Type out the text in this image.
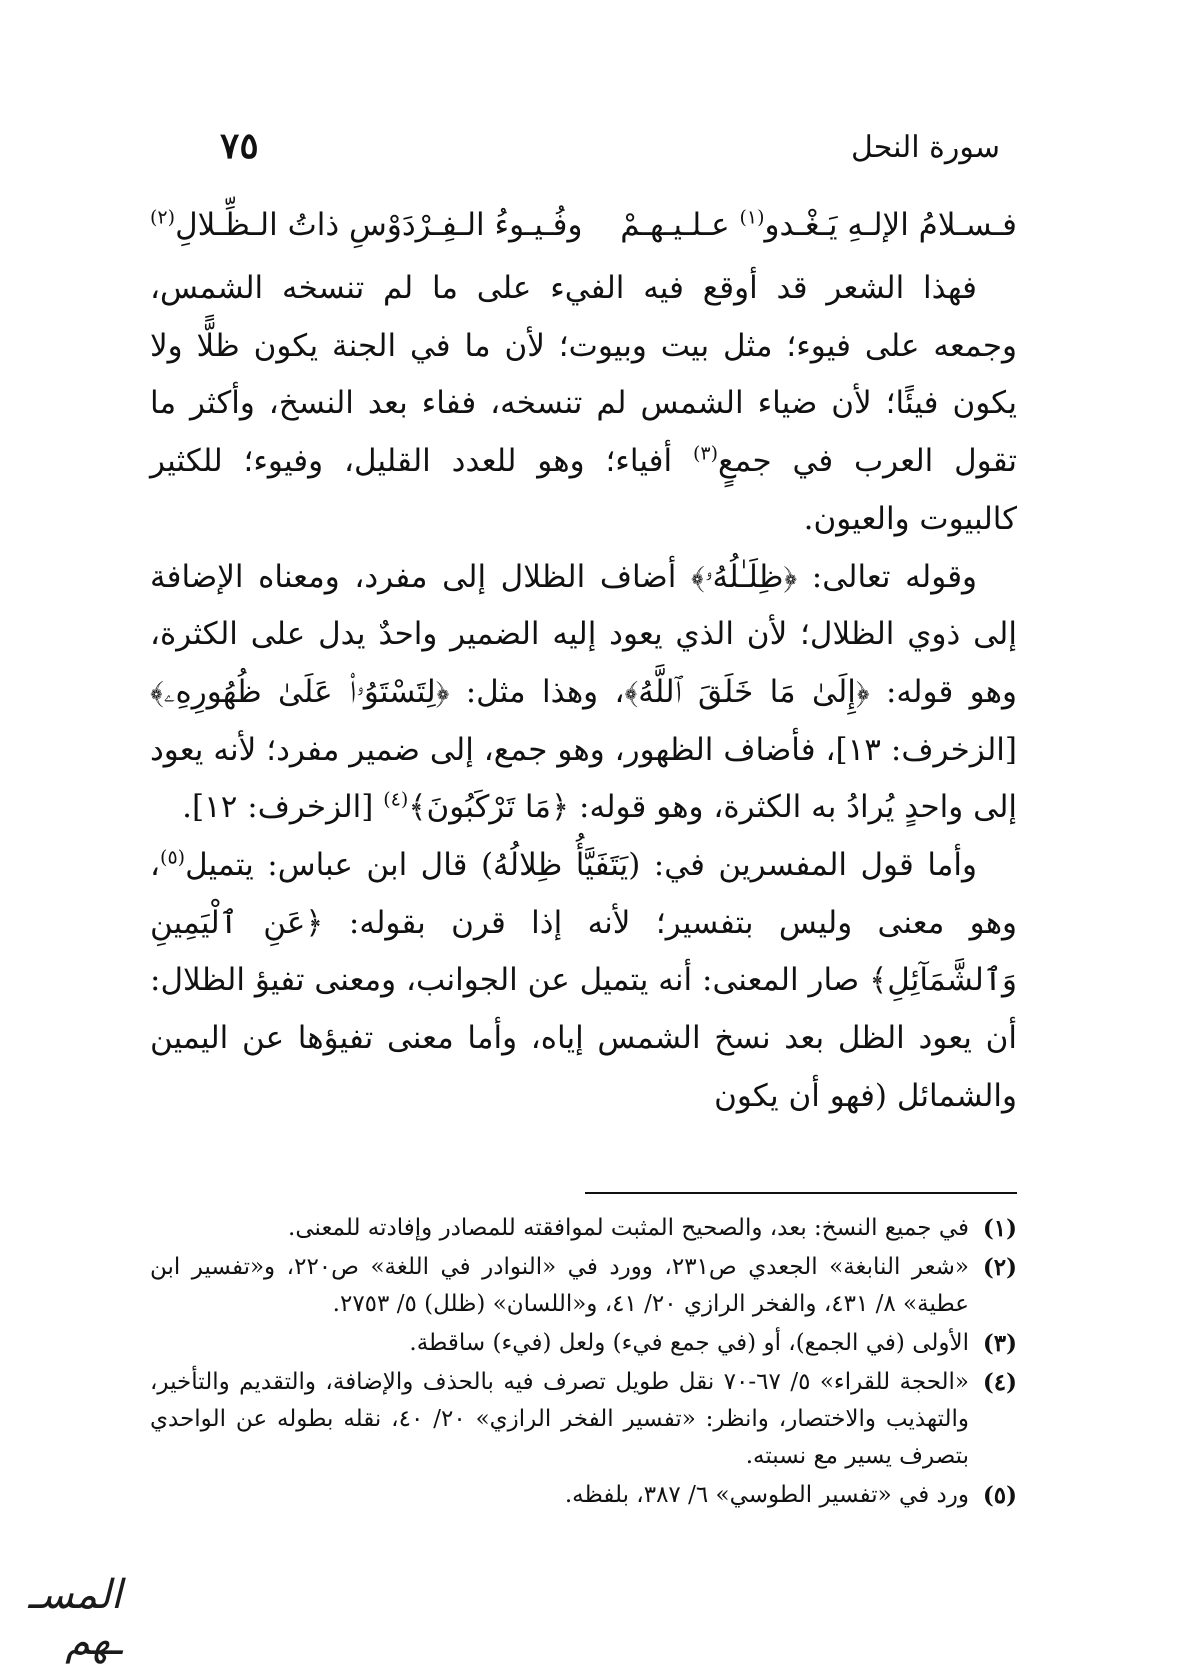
سورة النحل
٧٥
فـسـلامُ الإلـهِ يَـغْـدو$^{(١)}$ عـلـيـهـمْ
وفُـيـوءُ الـفِـرْدَوْسِ ذاتُ الـظِّـلالِ$^{(٢)}$

فهذا الشعر قد أوقع فيه الفيء على ما لم تنسخه الشمس، وجمعه على فيوء؛ مثل بيت وبيوت؛ لأن ما في الجنة يكون ظلًّا ولا يكون فيئًا؛ لأن ضياء الشمس لم تنسخه، ففاء بعد النسخ، وأكثر ما تقول العرب في جمعٍ$^{(٣)}$ أفياء؛ وهو للعدد القليل، وفيوء؛ للكثير كالبيوت والعيون.

وقوله تعالى: ﴿ظِلَـٰلُهُۥ﴾ أضاف الظلال إلى مفرد، ومعناه الإضافة إلى ذوي الظلال؛ لأن الذي يعود إليه الضمير واحدٌ يدل على الكثرة، وهو قوله: ﴿إِلَىٰ مَا خَلَقَ ٱللَّهُ﴾، وهذا مثل: ﴿لِتَسْتَوُۥا۟ عَلَىٰ ظُهُورِهِۦ﴾ [الزخرف: ١٣]، فأضاف الظهور، وهو جمع، إلى ضمير مفرد؛ لأنه يعود إلى واحدٍ يُرادُ به الكثرة، وهو قوله: ﴿مَا تَرْكَبُونَ﴾$^{(٤)}$ [الزخرف: ١٢].

وأما قول المفسرين في: (يَتَفَيَّأُ ظِلالُهُ) قال ابن عباس: يتميل$^{(٥)}$، وهو معنى وليس بتفسير؛ لأنه إذا قرن بقوله: ﴿عَنِ ٱلْيَمِينِ وَٱلشَّمَآئِلِ﴾ صار المعنى: أنه يتميل عن الجوانب، ومعنى تفيؤ الظلال: أن يعود الظل بعد نسخ الشمس إياه، وأما معنى تفيؤها عن اليمين والشمائل (فهو أن يكون

(١)
في جميع النسخ: بعد، والصحيح المثبت لموافقته للمصادر وإفادته للمعنى.
(٢)
«شعر النابغة» الجعدي ص٢٣١، وورد في «النوادر في اللغة» ص٢٢٠، و«تفسير ابن عطية» ٨/ ٤٣١، والفخر الرازي ٢٠/ ٤١، و«اللسان» (ظلل) ٥/ ٢٧٥٣.
(٣)
الأولى (في الجمع)، أو (في جمع فيء) ولعل (فيء) ساقطة.
(٤)
«الحجة للقراء» ٥/ ٦٧-٧٠ نقل طويل تصرف فيه بالحذف والإضافة، والتقديم والتأخير، والتهذيب والاختصار، وانظر: «تفسير الفخر الرازي» ٢٠/ ٤٠، نقله بطوله عن الواحدي بتصرف يسير مع نسبته.
(٥)
ورد في «تفسير الطوسي» ٦/ ٣٨٧، بلفظه.
المسـ ـهم
